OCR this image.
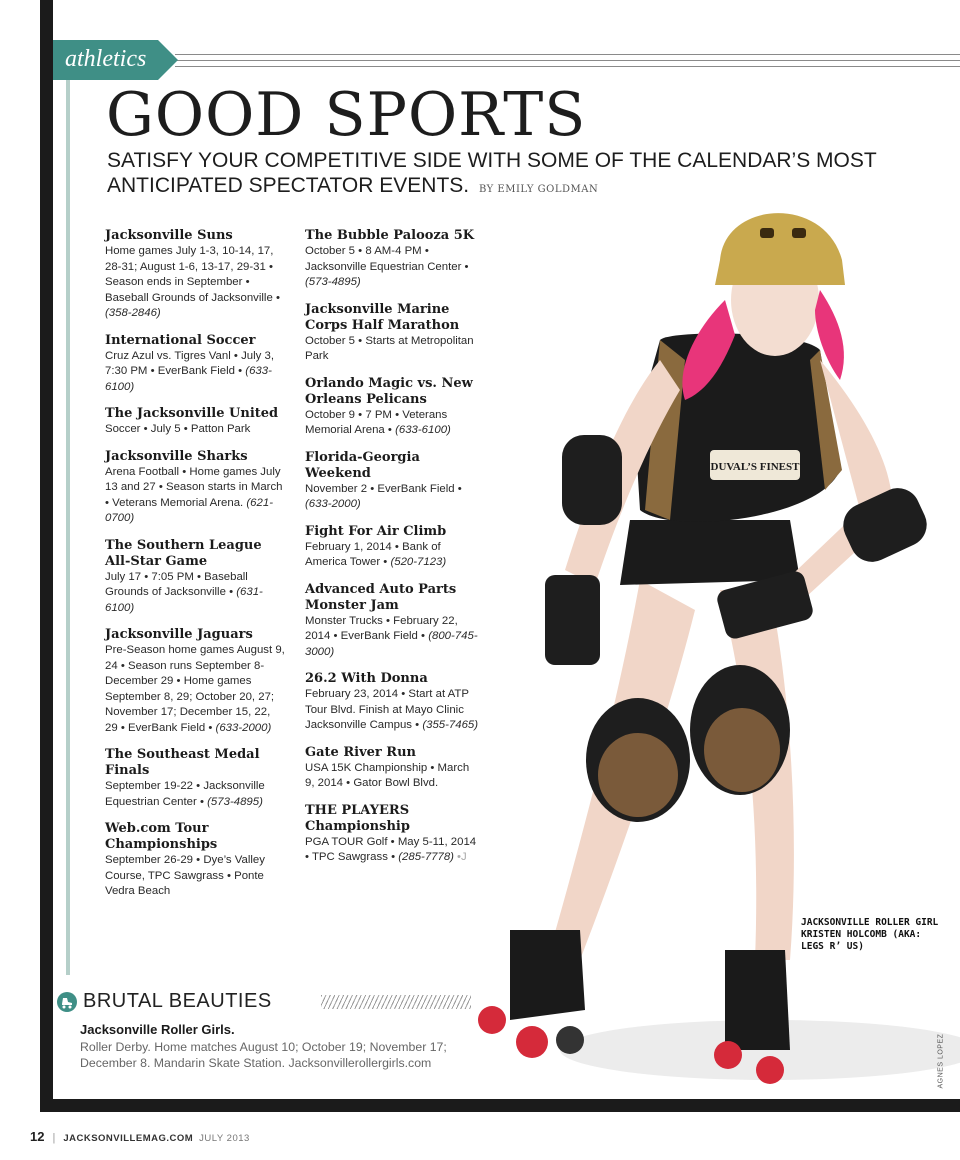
athletics
GOOD SPORTS
SATISFY YOUR COMPETITIVE SIDE WITH SOME OF THE CALENDAR’S MOST ANTICIPATED SPECTATOR EVENTS. BY EMILY GOLDMAN
Jacksonville Suns
Home games July 1-3, 10-14, 17, 28-31; August 1-6, 13-17, 29-31 • Season ends in September • Baseball Grounds of Jacksonville • (358-2846)
International Soccer
Cruz Azul vs. Tigres Vanl • July 3, 7:30 PM • EverBank Field • (633-6100)
The Jacksonville United
Soccer • July 5 • Patton Park
Jacksonville Sharks
Arena Football • Home games July 13 and 27 • Season starts in March • Veterans Memorial Arena. (621-0700)
The Southern League All-Star Game
July 17 • 7:05 PM • Baseball Grounds of Jacksonville • (631-6100)
Jacksonville Jaguars
Pre-Season home games August 9, 24 • Season runs September 8-December 29 • Home games September 8, 29; October 20, 27; November 17; December 15, 22, 29 • EverBank Field • (633-2000)
The Southeast Medal Finals
September 19-22 • Jacksonville Equestrian Center • (573-4895)
Web.com Tour Championships
September 26-29 • Dye’s Valley Course, TPC Sawgrass • Ponte Vedra Beach
The Bubble Palooza 5K
October 5 • 8 AM-4 PM • Jacksonville Equestrian Center • (573-4895)
Jacksonville Marine Corps Half Marathon
October 5 • Starts at Metropolitan Park
Orlando Magic vs. New Orleans Pelicans
October 9 • 7 PM • Veterans Memorial Arena • (633-6100)
Florida-Georgia Weekend
November 2 • EverBank Field • (633-2000)
Fight For Air Climb
February 1, 2014 • Bank of America Tower • (520-7123)
Advanced Auto Parts Monster Jam
Monster Trucks • February 22, 2014 • EverBank Field • (800-745-3000)
26.2 With Donna
February 23, 2014 • Start at ATP Tour Blvd. Finish at Mayo Clinic Jacksonville Campus • (355-7465)
Gate River Run
USA 15K Championship • March 9, 2014 • Gator Bowl Blvd.
THE PLAYERS Championship
PGA TOUR Golf • May 5-11, 2014 • TPC Sawgrass • (285-7778) •J
DUVAL’S FINEST
JACKSONVILLE ROLLER GIRL KRISTEN HOLCOMB (AKA: LEGS R’ US)
AGNES LOPEZ
BRUTAL BEAUTIES
Jacksonville Roller Girls.
Roller Derby. Home matches August 10; October 19; November 17; December 8. Mandarin Skate Station. Jacksonvillerollergirls.com
12 | JACKSONVILLEMAG.COM JULY 2013
